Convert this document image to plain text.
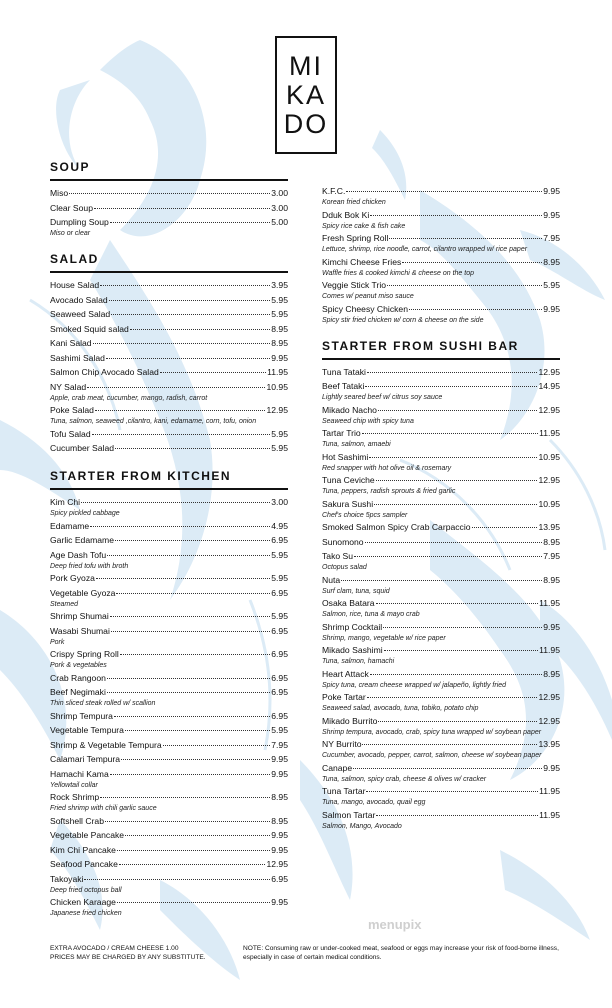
MI
KA
DO
SOUP
Miso	3.00
Clear Soup	3.00
Dumpling Soup	5.00
Miso or clear
SALAD
House Salad	3.95
Avocado Salad	5.95
Seaweed Salad	5.95
Smoked Squid salad	8.95
Kani Salad	8.95
Sashimi Salad	9.95
Salmon Chip Avocado Salad	11.95
NY Salad	10.95
Apple, crab meat, cucumber, mango, radish, carrot
Poke Salad	12.95
Tuna, salmon, seaweed ,cilantro, kani, edamame, corn, tofu, onion
Tofu Salad	5.95
Cucumber Salad	5.95
STARTER FROM KITCHEN
Kim Chi	3.00
Spicy pickled cabbage
Edamame	4.95
Garlic Edamame	6.95
Age Dash Tofu	5.95
Deep fried tofu with broth
Pork Gyoza	5.95
Vegetable Gyoza	6.95
Steamed
Shrimp Shumai	5.95
Wasabi Shumai	6.95
Pork
Crispy Spring Roll	6.95
Pork & vegetables
Crab Rangoon	6.95
Beef Negimaki	6.95
Thin sliced steak rolled w/ scallion
Shrimp Tempura	6.95
Vegetable Tempura	5.95
Shrimp & Vegetable Tempura	7.95
Calamari Tempura	9.95
Hamachi Kama	9.95
Yellowtail collar
Rock Shrimp	8.95
Fried shrimp with chili garlic sauce
Softshell Crab	8.95
Vegetable Pancake	9.95
Kim Chi Pancake	9.95
Seafood Pancake	12.95
Takoyaki	6.95
Deep fried octopus ball
Chicken Karaage	9.95
Japanese fried chicken
K.F.C.	9.95
Korean fried chicken
Dduk Bok Ki	9.95
Spicy rice cake & fish cake
Fresh Spring Roll	7.95
Lettuce, shrimp, rice noodle, carrot, cilantro wrapped w/ rice paper
Kimchi Cheese Fries	8.95
Waffle fries & cooked kimchi & cheese on the top
Veggie Stick Trio	5.95
Comes w/ peanut miso sauce
Spicy Cheesy Chicken	9.95
Spicy stir fried chicken w/ corn & cheese on the side
STARTER FROM SUSHI BAR
Tuna Tataki	12.95
Beef Tataki	14.95
Lightly seared beef w/ citrus soy sauce
Mikado Nacho	12.95
Seaweed chip with spicy tuna
Tartar Trio	11.95
Tuna, salmon, amaebi
Hot Sashimi	10.95
Red snapper with hot olive oil & rosemary
Tuna Ceviche	12.95
Tuna, peppers, radish sprouts & fried garlic
Sakura Sushi	10.95
Chef's choice 5pcs sampler
Smoked Salmon Spicy Crab Carpaccio	13.95
Sunomono	8.95
Tako Su	7.95
Octopus salad
Nuta	8.95
Surf clam, tuna, squid
Osaka Batara	11.95
Salmon, rice, tuna & mayo crab
Shrimp Cocktail	9.95
Shrimp, mango, vegetable w/ rice paper
Mikado Sashimi	11.95
Tuna, salmon, hamachi
Heart Attack	8.95
Spicy tuna, cream cheese wrapped w/ jalapeño, lightly fried
Poke Tartar	12.95
Seaweed salad, avocado, tuna, tobiko, potato chip
Mikado Burrito	12.95
Shrimp tempura, avocado, crab, spicy tuna wrapped w/ soybean paper
NY Burrito	13.95
Cucumber, avocado, pepper, carrot, salmon, cheese w/ soybean paper
Canape	9.95
Tuna, salmon, spicy crab, cheese & olives w/ cracker
Tuna Tartar	11.95
Tuna, mango, avocado, quail egg
Salmon Tartar	11.95
Salmon, Mango, Avocado
EXTRA AVOCADO / CREAM CHEESE 1.00
PRICES MAY BE CHARGED BY ANY SUBSTITUTE.
NOTE: Consuming raw or under-cooked meat, seafood or eggs may increase your risk of food-borne illness, especially in case of certain medical conditions.
menupix
